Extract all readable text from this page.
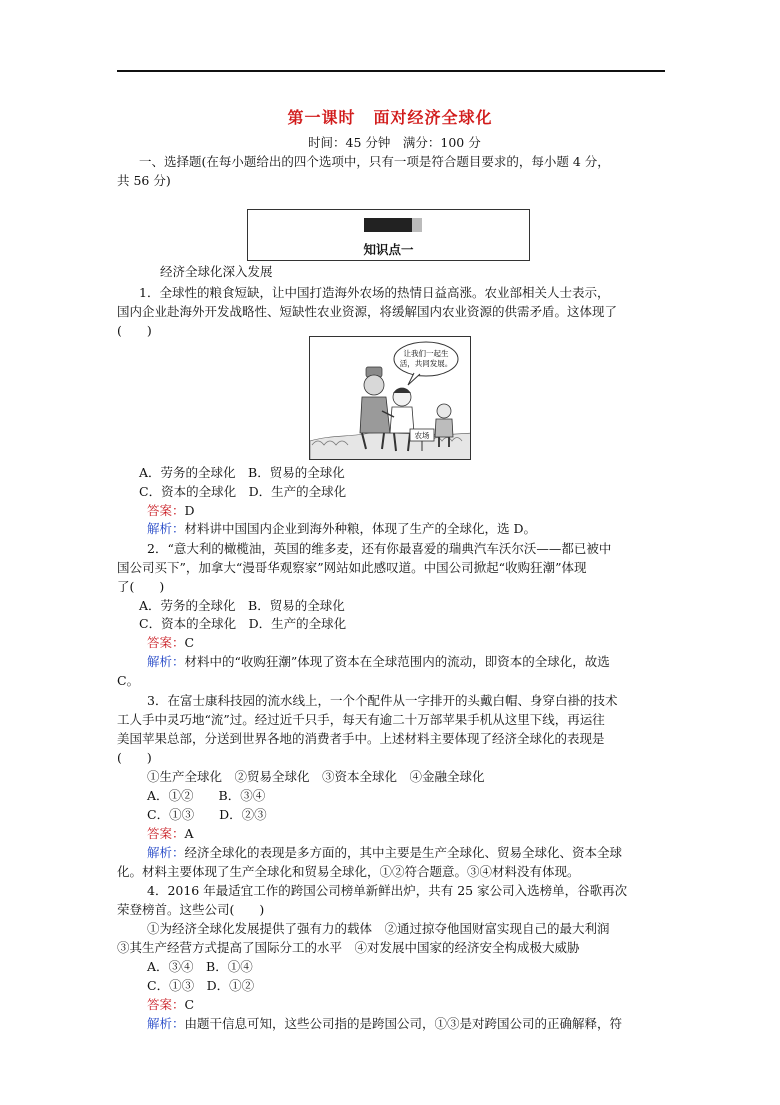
第一课时 面对经济全球化
时间：45 分钟　满分：100 分
一、选择题(在每小题给出的四个选项中，只有一项是符合题目要求的，每小题 4 分，
共 56 分)
知识点一
经济全球化深入发展
1．全球性的粮食短缺，让中国打造海外农场的热情日益高涨。农业部相关人士表示，
国内企业赴海外开发战略性、短缺性农业资源，将缓解国内农业资源的供需矛盾。这体现了
(　　)
让我们一起生
活，共同发展。
农场
A．劳务的全球化　B．贸易的全球化
C．资本的全球化　D．生产的全球化
答案：D
解析：材料讲中国国内企业到海外种粮，体现了生产的全球化，选 D。
2．“意大利的橄榄油，英国的维多麦，还有你最喜爱的瑞典汽车沃尔沃——都已被中
国公司买下”，加拿大“漫哥华观察家”网站如此感叹道。中国公司掀起“收购狂潮”体现
了(　　)
A．劳务的全球化　B．贸易的全球化
C．资本的全球化　D．生产的全球化
答案：C
解析：材料中的“收购狂潮”体现了资本在全球范围内的流动，即资本的全球化，故选
C。
3．在富士康科技园的流水线上，一个个配件从一字排开的头戴白帽、身穿白褂的技术
工人手中灵巧地“流”过。经过近千只手，每天有逾二十万部苹果手机从这里下线，再运往
美国苹果总部，分送到世界各地的消费者手中。上述材料主要体现了经济全球化的表现是
(　　)
①生产全球化　②贸易全球化　③资本全球化　④金融全球化
A．①②　　B．③④
C．①③　　D．②③
答案：A
解析：经济全球化的表现是多方面的，其中主要是生产全球化、贸易全球化、资本全球
化。材料主要体现了生产全球化和贸易全球化，①②符合题意。③④材料没有体现。
4．2016 年最适宜工作的跨国公司榜单新鲜出炉，共有 25 家公司入选榜单，谷歌再次
荣登榜首。这些公司(　　)
①为经济全球化发展提供了强有力的载体　②通过掠夺他国财富实现自己的最大利润
③其生产经营方式提高了国际分工的水平　④对发展中国家的经济安全构成极大威胁
A．③④　B．①④
C．①③　D．①②
答案：C
解析：由题干信息可知，这些公司指的是跨国公司，①③是对跨国公司的正确解释，符
